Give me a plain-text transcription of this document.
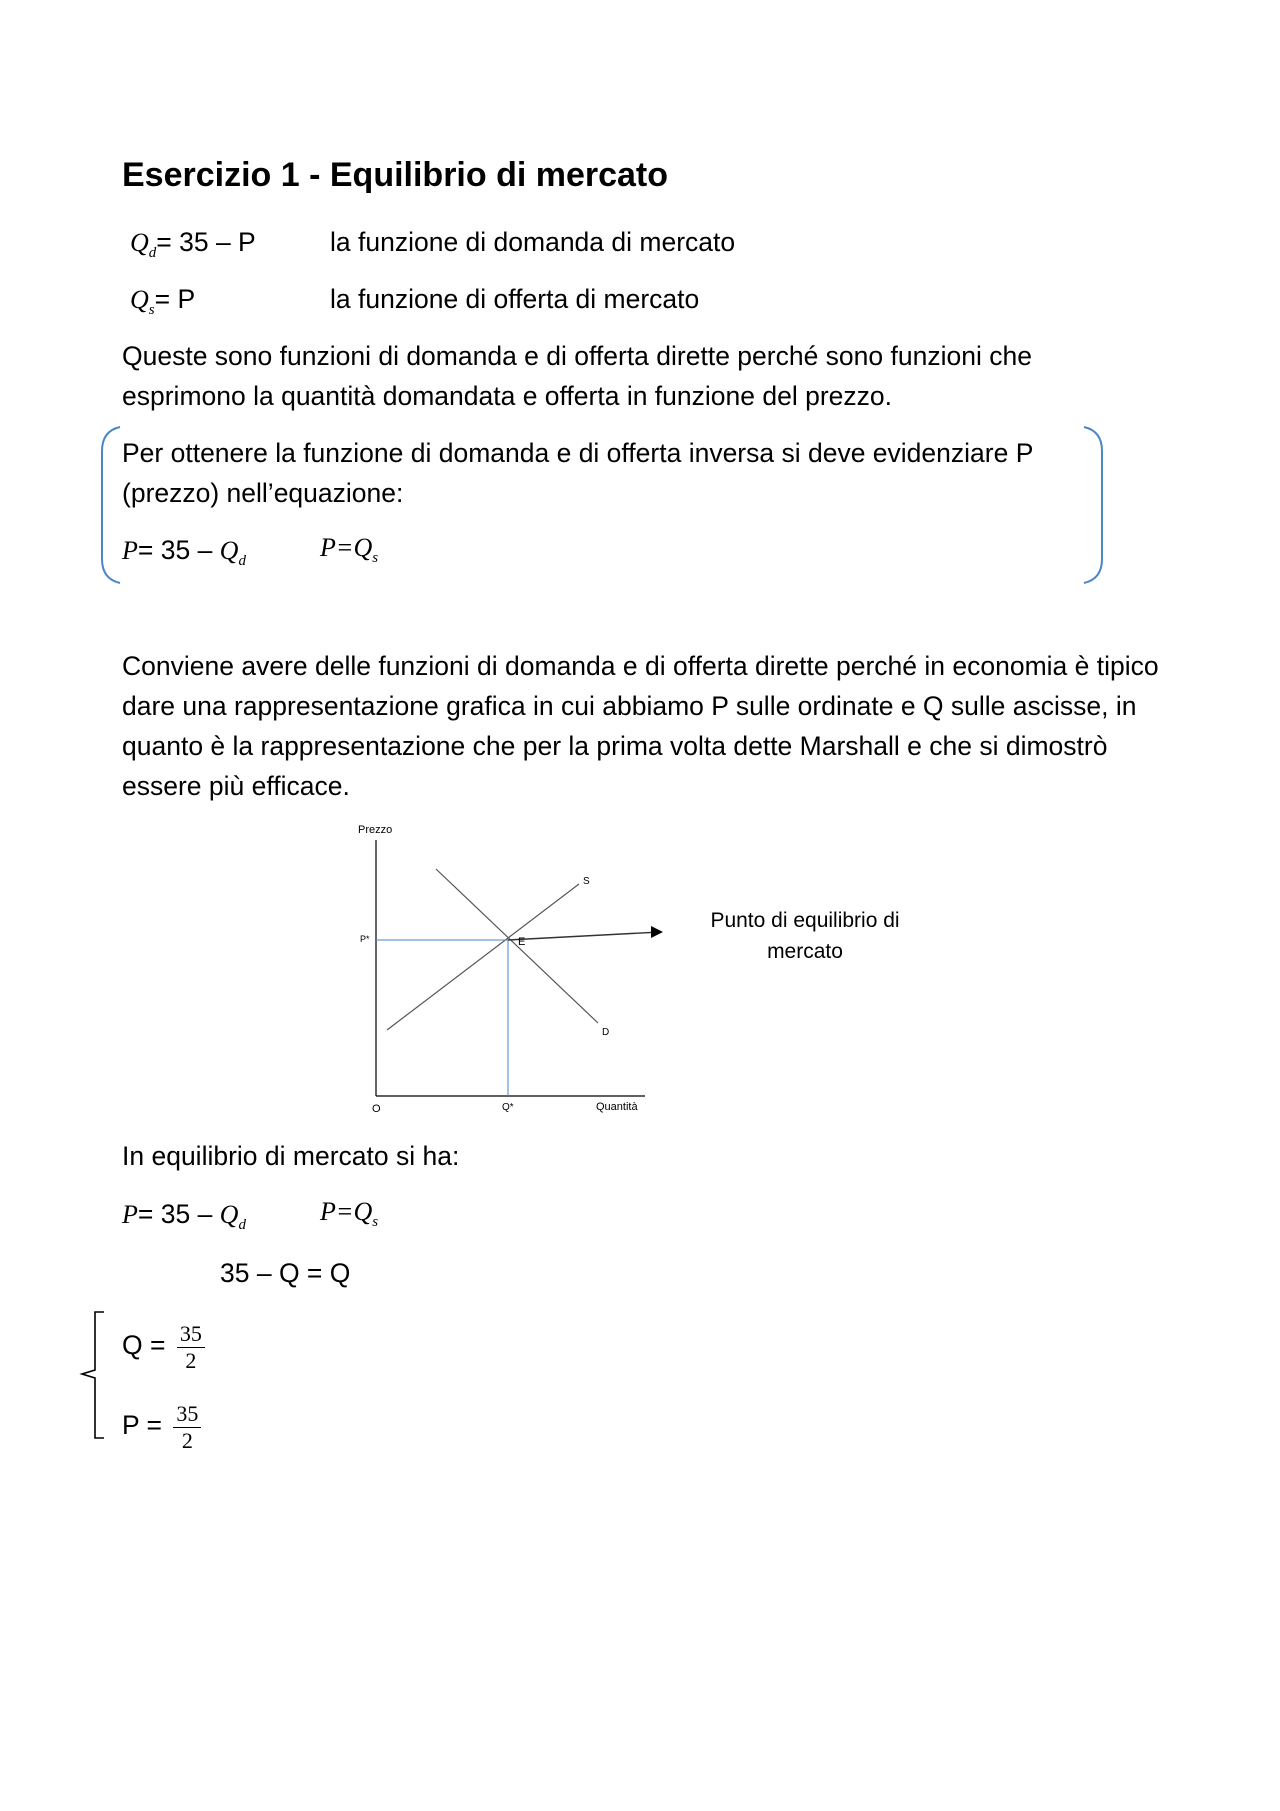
Esercizio 1 - Equilibrio di mercato
$Q_d= 35 - P$	la funzione di domanda di mercato
$Q_s= P$	la funzione di offerta di mercato
Queste sono funzioni di domanda e di offerta dirette perché sono funzioni che esprimono la quantità domandata e offerta in funzione del prezzo.
Per ottenere la funzione di domanda e di offerta inversa si deve evidenziare P (prezzo) nell’equazione:
$P= 35 - Q_d$	$P=Q_s$
Conviene avere delle funzioni di domanda e di offerta dirette perché in economia è tipico dare una rappresentazione grafica in cui abbiamo P sulle ordinate e Q sulle ascisse, in quanto è la rappresentazione che per la prima volta dette Marshall e che si dimostrò essere più efficace.
Prezzo
Quantità
O
P*
Q*
E
S
D
Punto di equilibrio di mercato
In equilibrio di mercato si ha:
$P= 35 - Q_d$	$P=Q_s$
35 – Q = Q
$Q = \frac{35}{2}$
$P = \frac{35}{2}$
